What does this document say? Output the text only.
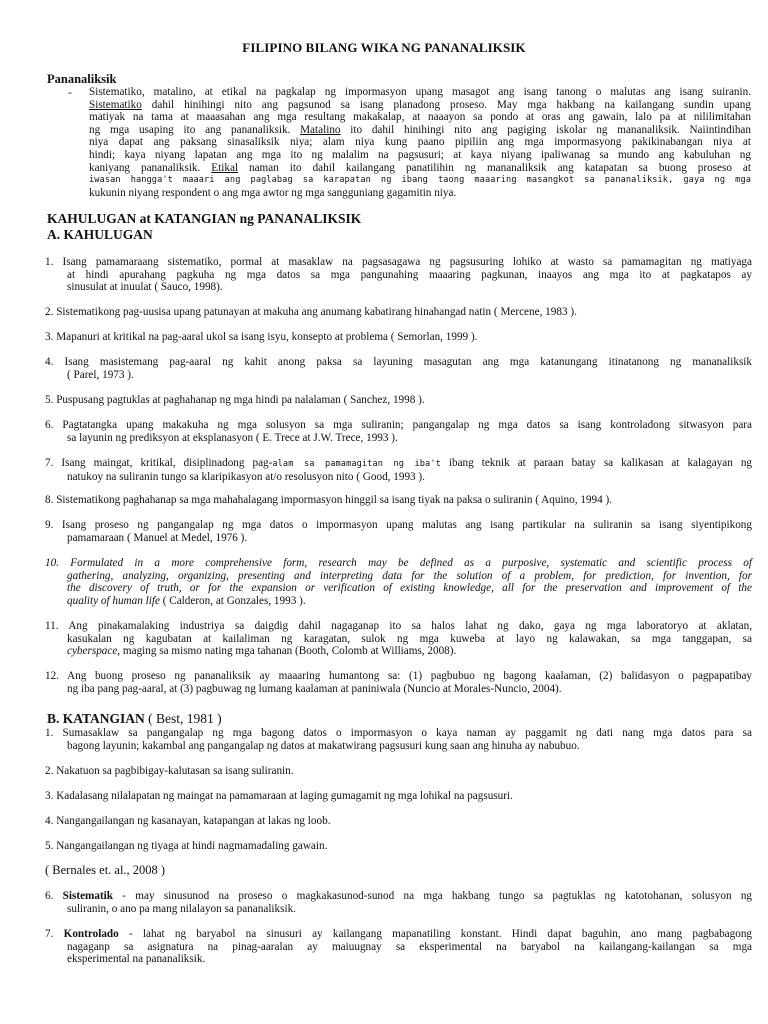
FILIPINO BILANG WIKA NG PANANALIKSIK
Pananaliksik
- Sistematiko, matalino, at etikal na pagkalap ng impormasyon upang masagot ang isang tanong o malutas ang isang suiranin.
Sistematiko dahil hinihingi nito ang pagsunod sa isang planadong proseso. May mga hakbang na kailangang sundin upang
matiyak na tama at maaasahan ang mga resultang makakalap, at naaayon sa pondo at oras ang gawain, lalo pa at nililimitahan
ng mga usaping ito ang pananaliksik. Matalino ito dahil hinihingi nito ang pagiging iskolar ng mananaliksik. Naiintindihan
niya dapat ang paksang sinasaliksik niya; alam niya kung paano pipiliin ang mga impormasyong pakikinabangan niya at
hindi; kaya niyang lapatan ang mga ito ng malalim na pagsusuri; at kaya niyang ipaliwanag sa mundo ang kabuluhan ng
kaniyang pananaliksik. Etikal naman ito dahil kailangang panatilihin ng mananaliksik ang katapatan sa buong proseso at
iwasan hangga't maaari ang paglabag sa karapatan ng ibang taong maaaring masangkot sa pananaliksik, gaya ng mga
kukunin niyang respondent o ang mga awtor ng mga sangguniang gagamitin niya.
KAHULUGAN at KATANGIAN ng PANANALIKSIK
A. KAHULUGAN
1. Isang pamamaraang sistematiko, pormal at masaklaw na pagsasagawa ng pagsusuring lohiko at wasto sa pamamagitan ng matiyaga
at hindi apurahang pagkuha ng mga datos sa mga pangunahing maaaring pagkunan, inaayos ang mga ito at pagkatapos ay
sinusulat at inuulat ( Sauco, 1998).
2. Sistematikong pag-uusisa upang patunayan at makuha ang anumang kabatirang hinahangad natin ( Mercene, 1983 ).
3. Mapanuri at kritikal na pag-aaral ukol sa isang isyu, konsepto at problema ( Semorlan, 1999 ).
4. Isang masistemang pag-aaral ng kahit anong paksa sa layuning masagutan ang mga katanungang itinatanong ng mananaliksik
( Parel, 1973 ).
5. Puspusang pagtuklas at paghahanap ng mga hindi pa nalalaman ( Sanchez, 1998 ).
6. Pagtatangka upang makakuha ng mga solusyon sa mga suliranin; pangangalap ng mga datos sa isang kontroladong sitwasyon para
sa layunin ng prediksyon at eksplanasyon ( E. Trece at J.W. Trece, 1993 ).
7. Isang maingat, kritikal, disiplinadong pag-alam sa pamamagitan ng iba't ibang teknik at paraan batay sa kalikasan at kalagayan ng
natukoy na suliranin tungo sa klaripikasyon at/o resolusyon nito ( Good, 1993 ).
8. Sistematikong paghahanap sa mga mahahalagang impormasyon hinggil sa isang tiyak na paksa o suliranin ( Aquino, 1994 ).
9. Isang proseso ng pangangalap ng mga datos o impormasyon upang malutas ang isang partikular na suliranin sa isang siyentipikong
pamamaraan ( Manuel at Medel, 1976 ).
10. Formulated in a more comprehensive form, research may be defined as a purposive, systematic and scientific process of
gathering, analyzing, organizing, presenting and interpreting data for the solution of a problem, for prediction, for invention, for
the discovery of truth, or for the expansion or verification of existing knowledge, all for the preservation and improvement of the
quality of human life ( Calderon, at Gonzales, 1993 ).
11. Ang pinakamalaking industriya sa daigdig dahil nagaganap ito sa halos lahat ng dako, gaya ng mga laboratoryo at aklatan,
kasukalan ng kagubatan at kailaliman ng karagatan, sulok ng mga kuweba at layo ng kalawakan, sa mga tanggapan, sa
cyberspace, maging sa mismo nating mga tahanan (Booth, Colomb at Williams, 2008).
12. Ang buong proseso ng pananaliksik ay maaaring humantong sa: (1) pagbubuo ng bagong kaalaman, (2) balidasyon o pagpapatibay
ng iba pang pag-aaral, at (3) pagbuwag ng lumang kaalaman at paniniwala (Nuncio at Morales-Nuncio, 2004).
B. KATANGIAN ( Best, 1981 )
1. Sumasaklaw sa pangangalap ng mga bagong datos o impormasyon o kaya naman ay paggamit ng dati nang mga datos para sa
bagong layunin; kakambal ang pangangalap ng datos at makatwirang pagsusuri kung saan ang hinuha ay nabubuo.
2. Nakatuon sa pagbibigay-kalutasan sa isang suliranin.
3. Kadalasang nilalapatan ng maingat na pamamaraan at laging gumagamit ng mga lohikal na pagsusuri.
4. Nangangailangan ng kasanayan, katapangan at lakas ng loob.
5. Nangangailangan ng tiyaga at hindi nagmamadaling gawain.
( Bernales et. al., 2008 )
6. Sistematik - may sinusunod na proseso o magkakasunod-sunod na mga hakbang tungo sa pagtuklas ng katotohanan, solusyon ng
suliranin, o ano pa mang nilalayon sa pananaliksik.
7. Kontrolado - lahat ng baryabol na sinusuri ay kailangang mapanatiling konstant. Hindi dapat baguhin, ano mang pagbabagong
nagaganp sa asignatura na pinag-aaralan ay maiuugnay sa eksperimental na baryabol na kailangang-kailangan sa mga
eksperimental na pananaliksik.
